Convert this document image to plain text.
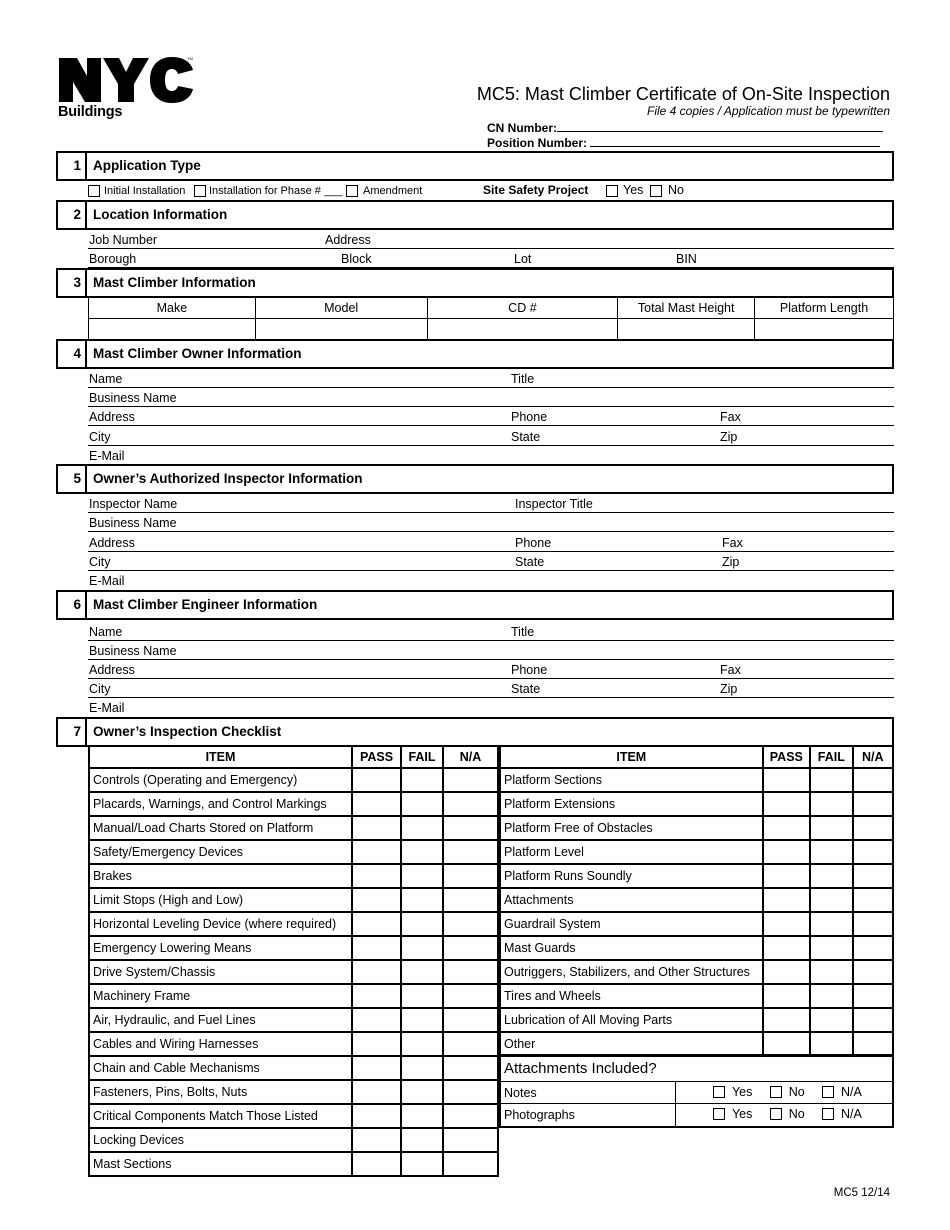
TM
Buildings
MC5: Mast Climber Certificate of On-Site Inspection
File 4 copies / Application must be typewritten
CN Number:
Position Number:
1 Application Type
Initial Installation Installation for Phase # ___ Amendment	Site Safety Project	Yes No
2 Location Information
Job Number	Address
Borough	Block	Lot	BIN
3 Mast Climber Information
Make	Model	CD #	Total Mast Height	Platform Length

4 Mast Climber Owner Information
Name	Title
Business Name
Address	Phone	Fax
City	State	Zip
E-Mail
5 Owner’s Authorized Inspector Information
Inspector Name	Inspector Title
Business Name
Address	Phone	Fax
City	State	Zip
E-Mail
6 Mast Climber Engineer Information
Name	Title
Business Name
Address	Phone	Fax
City	State	Zip
E-Mail
7 Owner’s Inspection Checklist
ITEM	PASS	FAIL	N/A
Controls (Operating and Emergency)			
Placards, Warnings, and Control Markings			
Manual/Load Charts Stored on Platform			
Safety/Emergency Devices			
Brakes			
Limit Stops (High and Low)			
Horizontal Leveling Device (where required)			
Emergency Lowering Means			
Drive System/Chassis			
Machinery Frame			
Air, Hydraulic, and Fuel Lines			
Cables and Wiring Harnesses			
Chain and Cable Mechanisms			
Fasteners, Pins, Bolts, Nuts			
Critical Components Match Those Listed			
Locking Devices			
Mast Sections			
ITEM	PASS	FAIL	N/A
Platform Sections			
Platform Extensions			
Platform Free of Obstacles			
Platform Level			
Platform Runs Soundly			
Attachments			
Guardrail System			
Mast Guards			
Outriggers, Stabilizers, and Other Structures			
Tires and Wheels			
Lubrication of All Moving Parts			
Other			
Attachments Included?
Notes	Yes	No	N/A
Photographs	Yes	No	N/A
MC5 12/14
